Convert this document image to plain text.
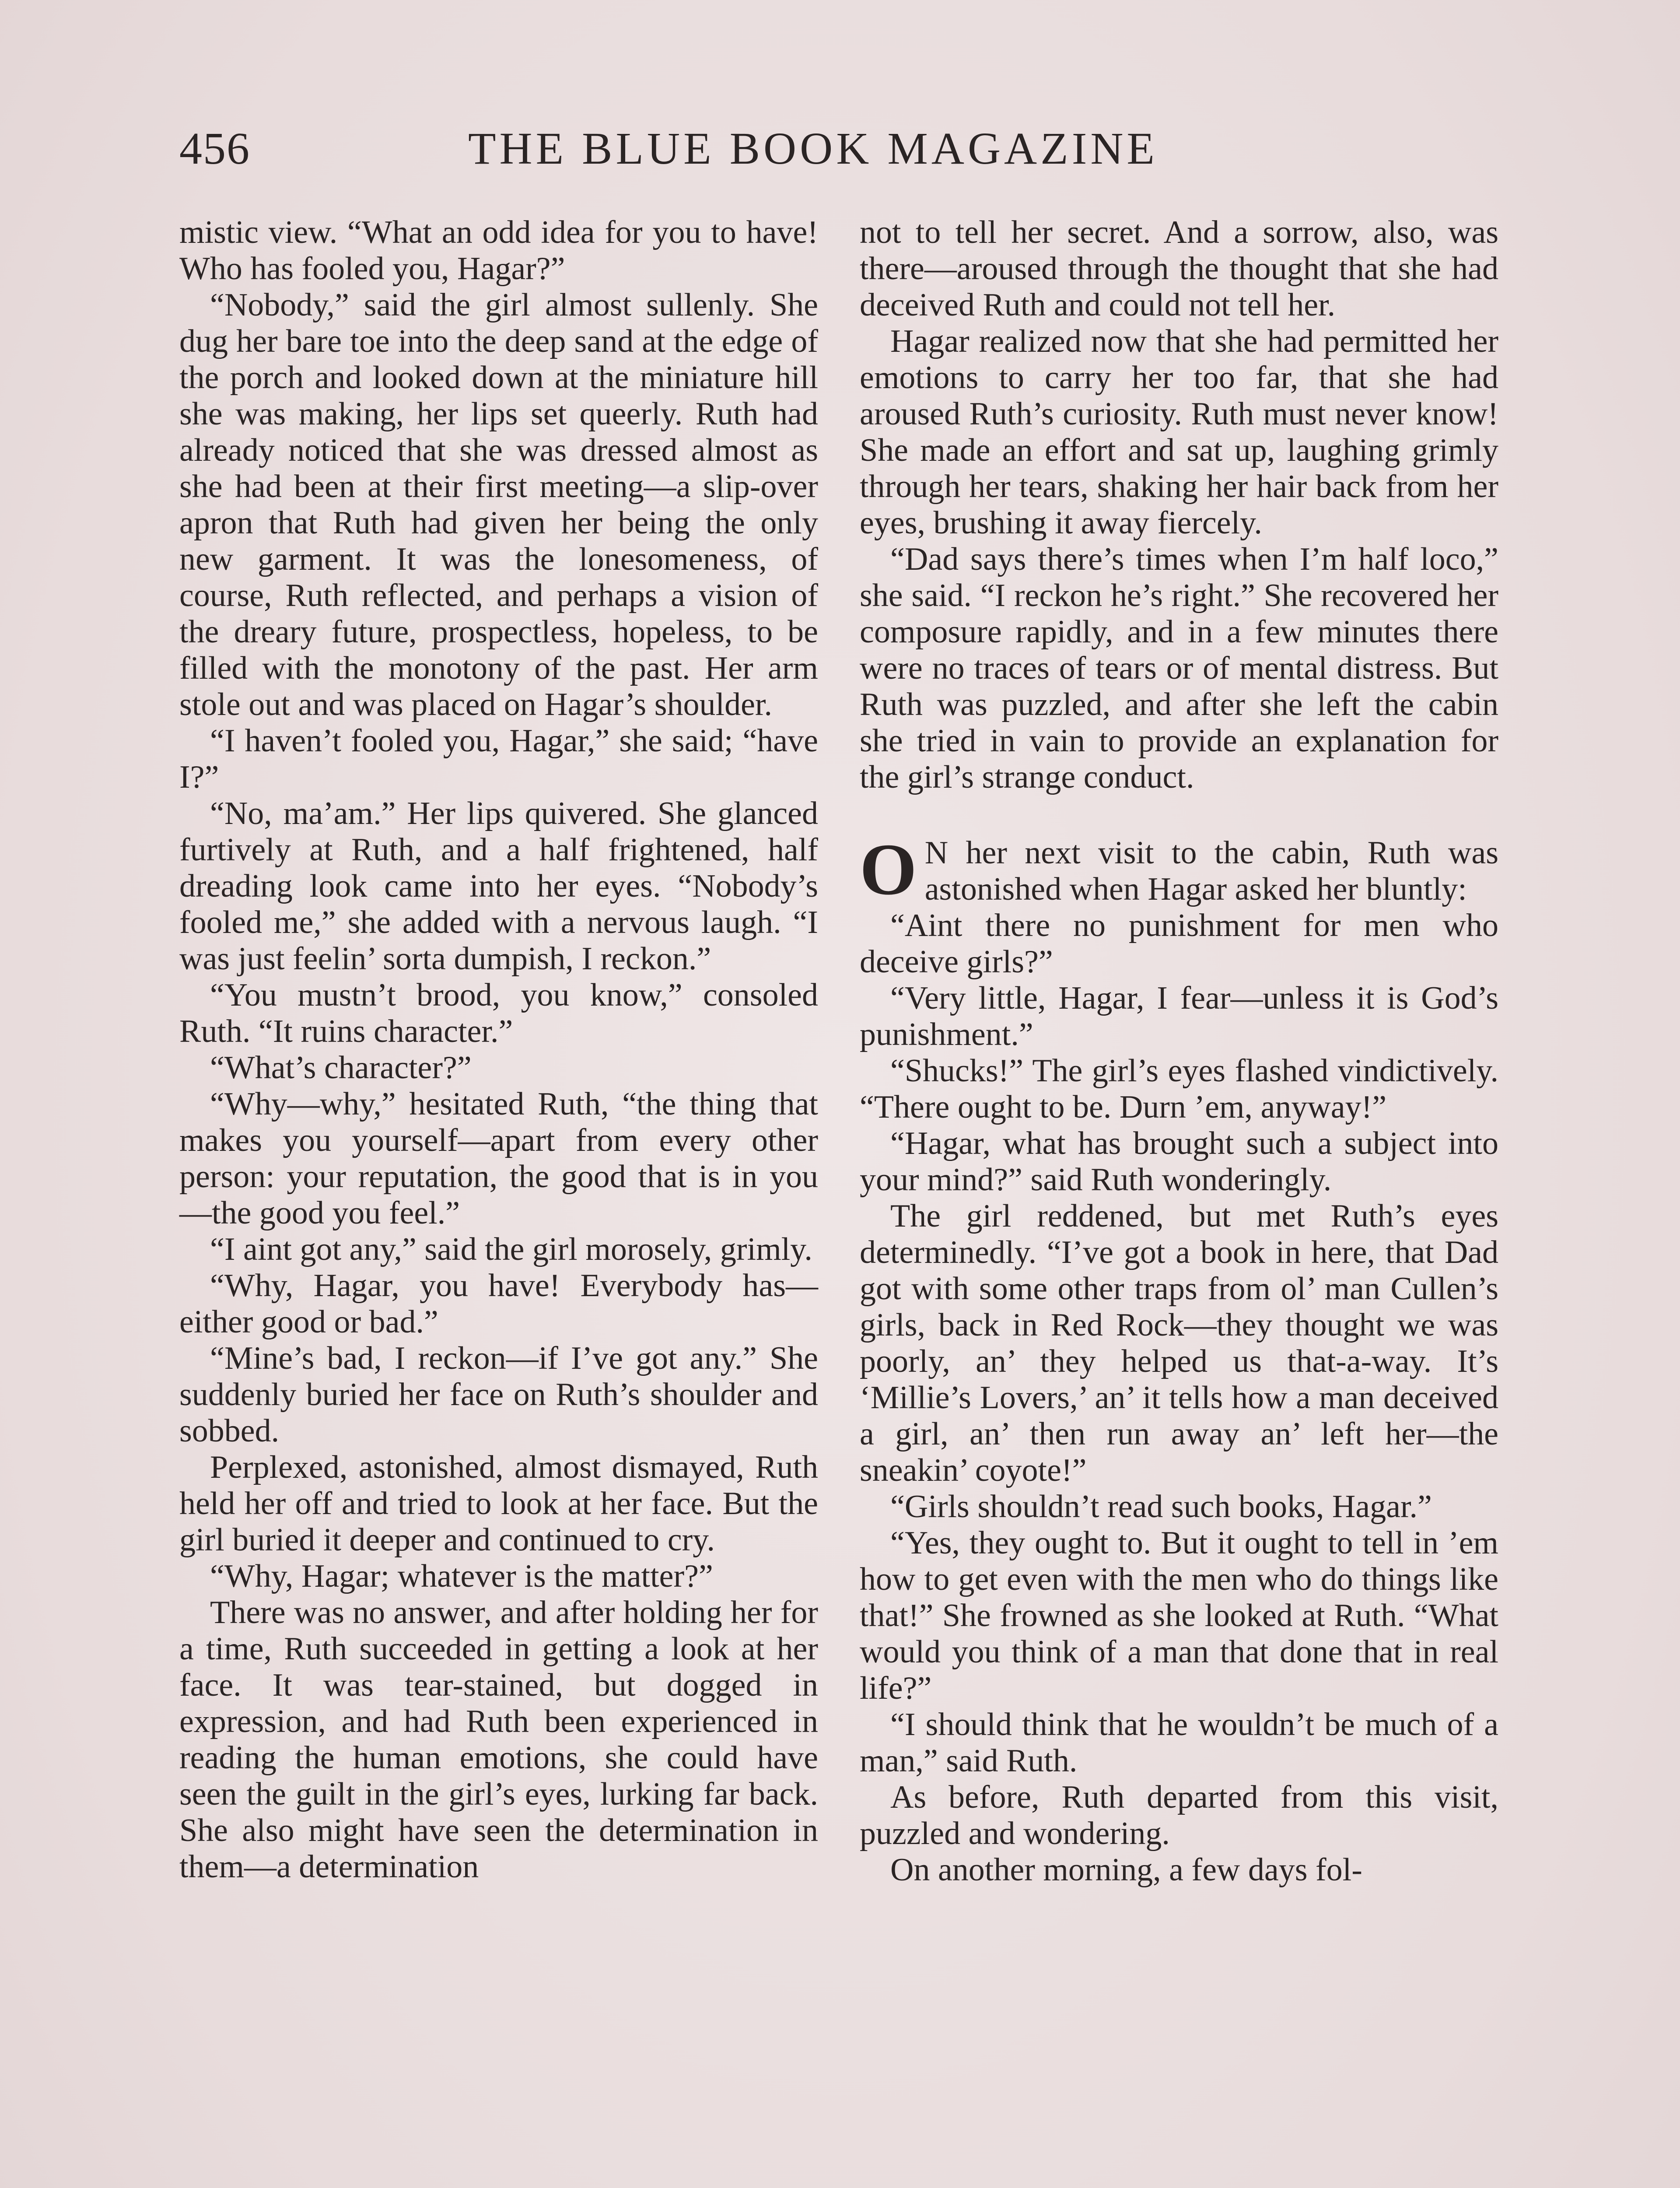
456	THE BLUE BOOK MAGAZINE

mistic view. “What an odd idea for you to have! Who has fooled you, Hagar?”

“Nobody,” said the girl almost sullenly. She dug her bare toe into the deep sand at the edge of the porch and looked down at the miniature hill she was making, her lips set queerly. Ruth had already noticed that she was dressed almost as she had been at their first meeting—a slip-over apron that Ruth had given her being the only new garment. It was the lonesomeness, of course, Ruth reflected, and perhaps a vision of the dreary future, prospectless, hopeless, to be filled with the monotony of the past. Her arm stole out and was placed on Hagar’s shoulder.

“I haven’t fooled you, Hagar,” she said; “have I?”

“No, ma’am.” Her lips quivered. She glanced furtively at Ruth, and a half frightened, half dreading look came into her eyes. “Nobody’s fooled me,” she added with a nervous laugh. “I was just feelin’ sorta dumpish, I reckon.”

“You mustn’t brood, you know,” consoled Ruth. “It ruins character.”

“What’s character?”

“Why—why,” hesitated Ruth, “the thing that makes you yourself—apart from every other person: your reputation, the good that is in you—the good you feel.”

“I aint got any,” said the girl morosely, grimly.

“Why, Hagar, you have! Everybody has—either good or bad.”

“Mine’s bad, I reckon—if I’ve got any.” She suddenly buried her face on Ruth’s shoulder and sobbed.

Perplexed, astonished, almost dismayed, Ruth held her off and tried to look at her face. But the girl buried it deeper and continued to cry.

“Why, Hagar; whatever is the matter?”

There was no answer, and after holding her for a time, Ruth succeeded in getting a look at her face. It was tear-stained, but dogged in expression, and had Ruth been experienced in reading the human emotions, she could have seen the guilt in the girl’s eyes, lurking far back. She also might have seen the determination in them—a determination

not to tell her secret. And a sorrow, also, was there—aroused through the thought that she had deceived Ruth and could not tell her.

Hagar realized now that she had permitted her emotions to carry her too far, that she had aroused Ruth’s curiosity. Ruth must never know! She made an effort and sat up, laughing grimly through her tears, shaking her hair back from her eyes, brushing it away fiercely.

“Dad says there’s times when I’m half loco,” she said. “I reckon he’s right.” She recovered her composure rapidly, and in a few minutes there were no traces of tears or of mental distress. But Ruth was puzzled, and after she left the cabin she tried in vain to provide an explanation for the girl’s strange conduct.

O N her next visit to the cabin, Ruth was astonished when Hagar asked her bluntly:

“Aint there no punishment for men who deceive girls?”

“Very little, Hagar, I fear—unless it is God’s punishment.”

“Shucks!” The girl’s eyes flashed vindictively. “There ought to be. Durn ’em, anyway!”

“Hagar, what has brought such a subject into your mind?” said Ruth wonderingly.

The girl reddened, but met Ruth’s eyes determinedly. “I’ve got a book in here, that Dad got with some other traps from ol’ man Cullen’s girls, back in Red Rock—they thought we was poorly, an’ they helped us that-a-way. It’s ‘Millie’s Lovers,’ an’ it tells how a man deceived a girl, an’ then run away an’ left her—the sneakin’ coyote!”

“Girls shouldn’t read such books, Hagar.”

“Yes, they ought to. But it ought to tell in ’em how to get even with the men who do things like that!” She frowned as she looked at Ruth. “What would you think of a man that done that in real life?”

“I should think that he wouldn’t be much of a man,” said Ruth.

As before, Ruth departed from this visit, puzzled and wondering.

On another morning, a few days fol-
